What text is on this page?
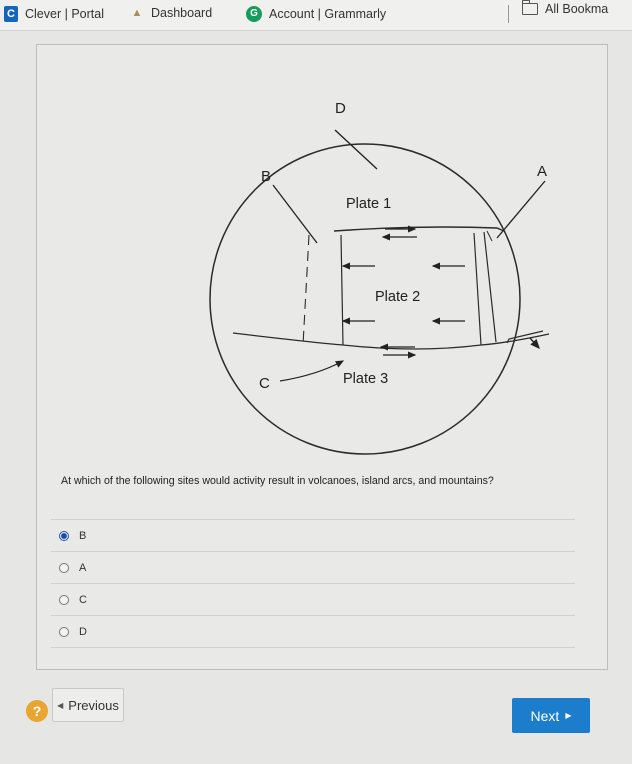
C Clever | Portal	▲ Dashboard	G Account | Grammarly	All Bookma
D
B	A
C
Plate 1
Plate 2
Plate 3
At which of the following sites would activity result in volcanoes, island arcs, and mountains?
B
A
C
D
?	◀ Previous
Next ▶
